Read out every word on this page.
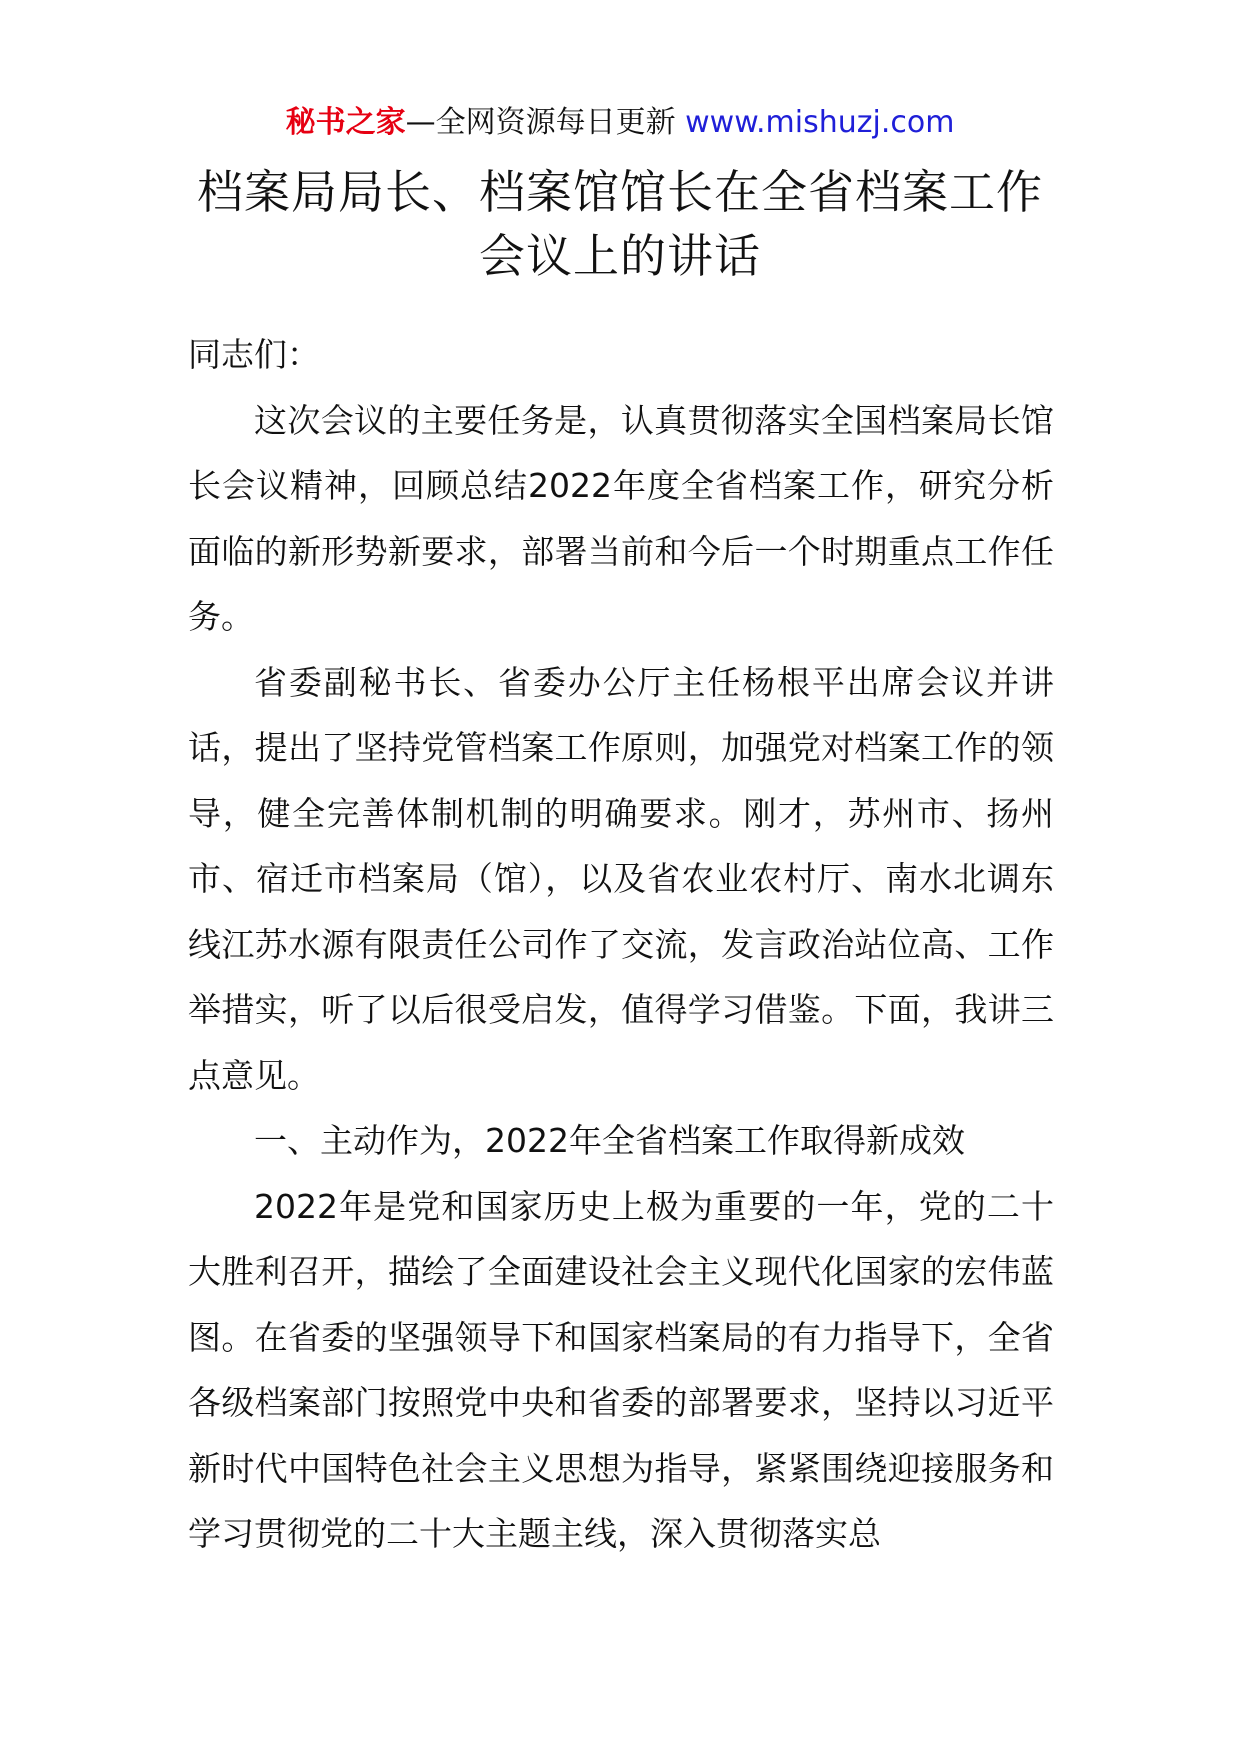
秘书之家—全网资源每日更新 www.mishuzj.com
档案局局长、档案馆馆长在全省档案工作
会议上的讲话

同志们：

这次会议的主要任务是，认真贯彻落实全国档案局长馆长会议精神，回顾总结2022年度全省档案工作，研究分析面临的新形势新要求，部署当前和今后一个时期重点工作任务。

省委副秘书长、省委办公厅主任杨根平出席会议并讲话，提出了坚持党管档案工作原则，加强党对档案工作的领导，健全完善体制机制的明确要求。刚才，苏州市、扬州市、宿迁市档案局（馆），以及省农业农村厅、南水北调东线江苏水源有限责任公司作了交流，发言政治站位高、工作举措实，听了以后很受启发，值得学习借鉴。下面，我讲三点意见。

一、主动作为，2022年全省档案工作取得新成效

2022年是党和国家历史上极为重要的一年，党的二十大胜利召开，描绘了全面建设社会主义现代化国家的宏伟蓝图。在省委的坚强领导下和国家档案局的有力指导下，全省各级档案部门按照党中央和省委的部署要求，坚持以习近平新时代中国特色社会主义思想为指导，紧紧围绕迎接服务和学习贯彻党的二十大主题主线，深入贯彻落实总
